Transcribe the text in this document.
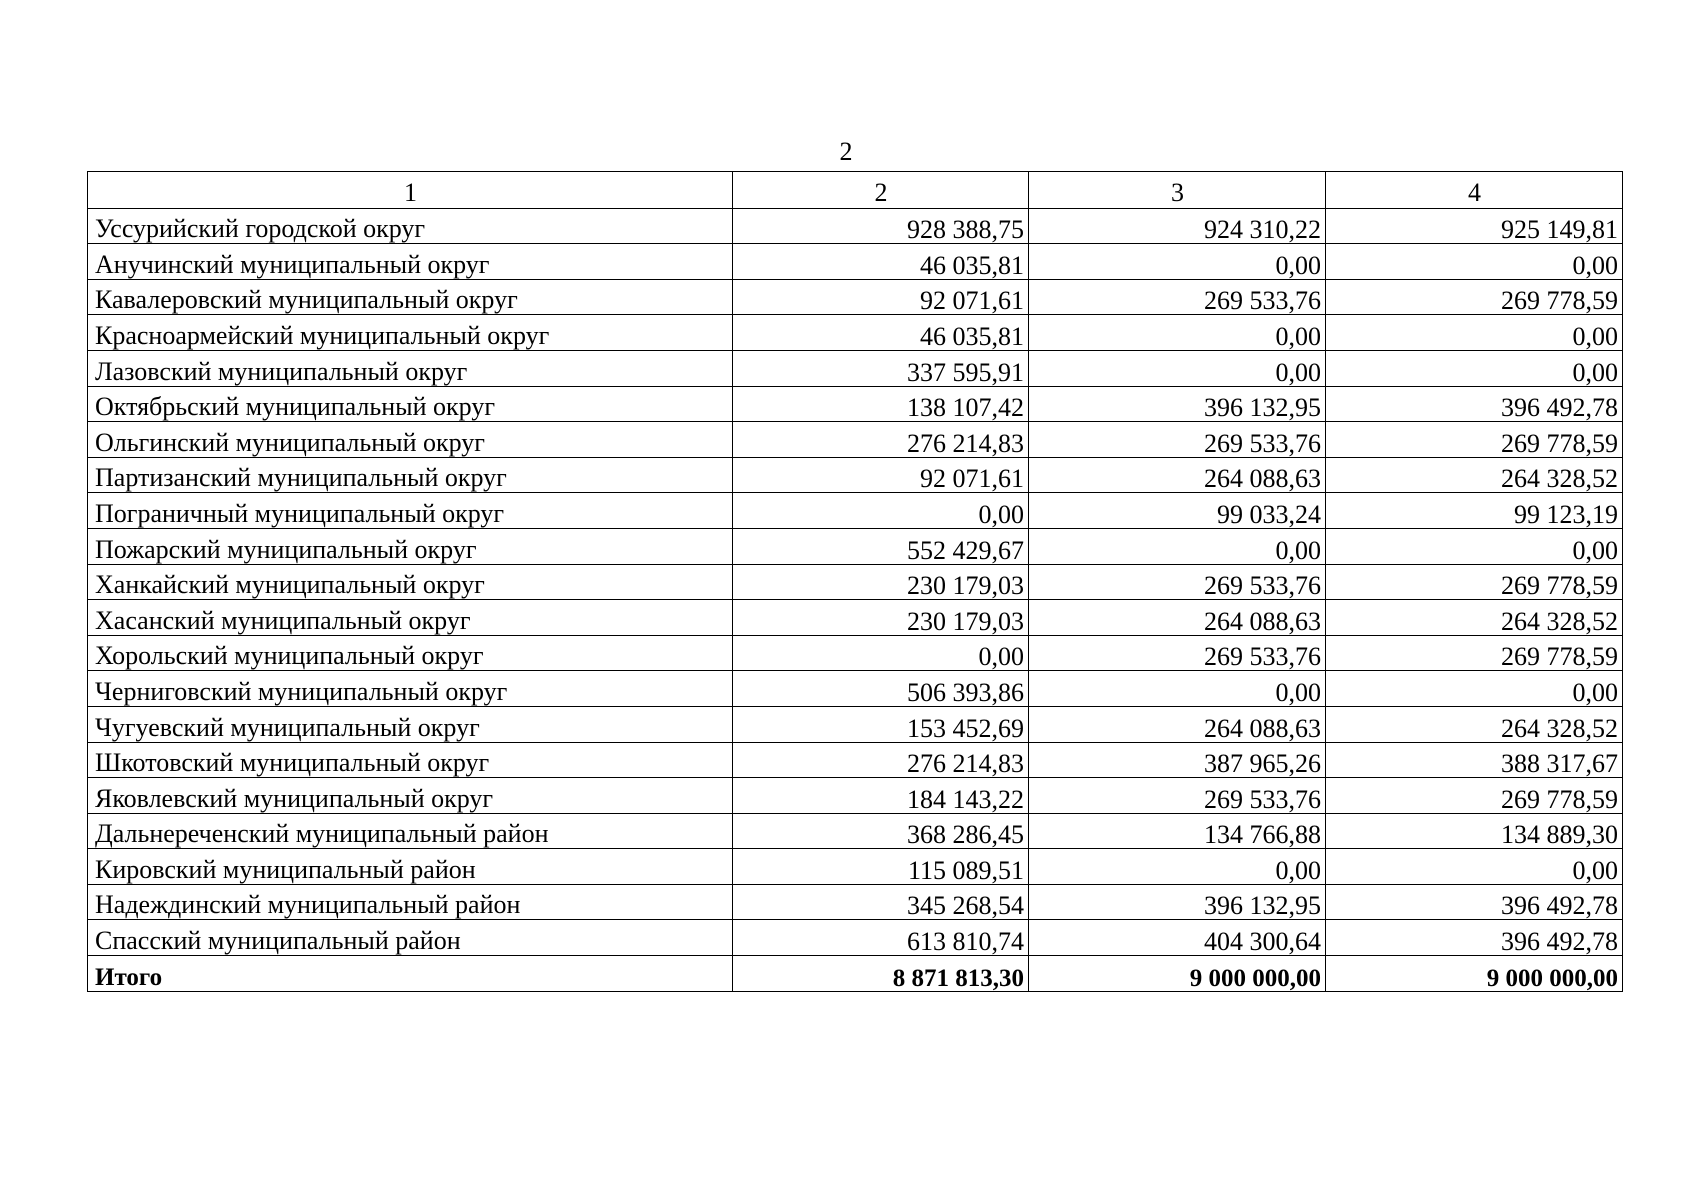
2
1	2	3	4
Уссурийский городской округ	928 388,75	924 310,22	925 149,81
Анучинский муниципальный округ	46 035,81	0,00	0,00
Кавалеровский муниципальный округ	92 071,61	269 533,76	269 778,59
Красноармейский муниципальный округ	46 035,81	0,00	0,00
Лазовский муниципальный округ	337 595,91	0,00	0,00
Октябрьский муниципальный округ	138 107,42	396 132,95	396 492,78
Ольгинский муниципальный округ	276 214,83	269 533,76	269 778,59
Партизанский муниципальный округ	92 071,61	264 088,63	264 328,52
Пограничный муниципальный округ	0,00	99 033,24	99 123,19
Пожарский муниципальный округ	552 429,67	0,00	0,00
Ханкайский муниципальный округ	230 179,03	269 533,76	269 778,59
Хасанский муниципальный округ	230 179,03	264 088,63	264 328,52
Хорольский муниципальный округ	0,00	269 533,76	269 778,59
Черниговский муниципальный округ	506 393,86	0,00	0,00
Чугуевский муниципальный округ	153 452,69	264 088,63	264 328,52
Шкотовский муниципальный округ	276 214,83	387 965,26	388 317,67
Яковлевский муниципальный округ	184 143,22	269 533,76	269 778,59
Дальнереченский муниципальный район	368 286,45	134 766,88	134 889,30
Кировский муниципальный район	115 089,51	0,00	0,00
Надеждинский муниципальный район	345 268,54	396 132,95	396 492,78
Спасский муниципальный район	613 810,74	404 300,64	396 492,78
Итого	8 871 813,30	9 000 000,00	9 000 000,00
